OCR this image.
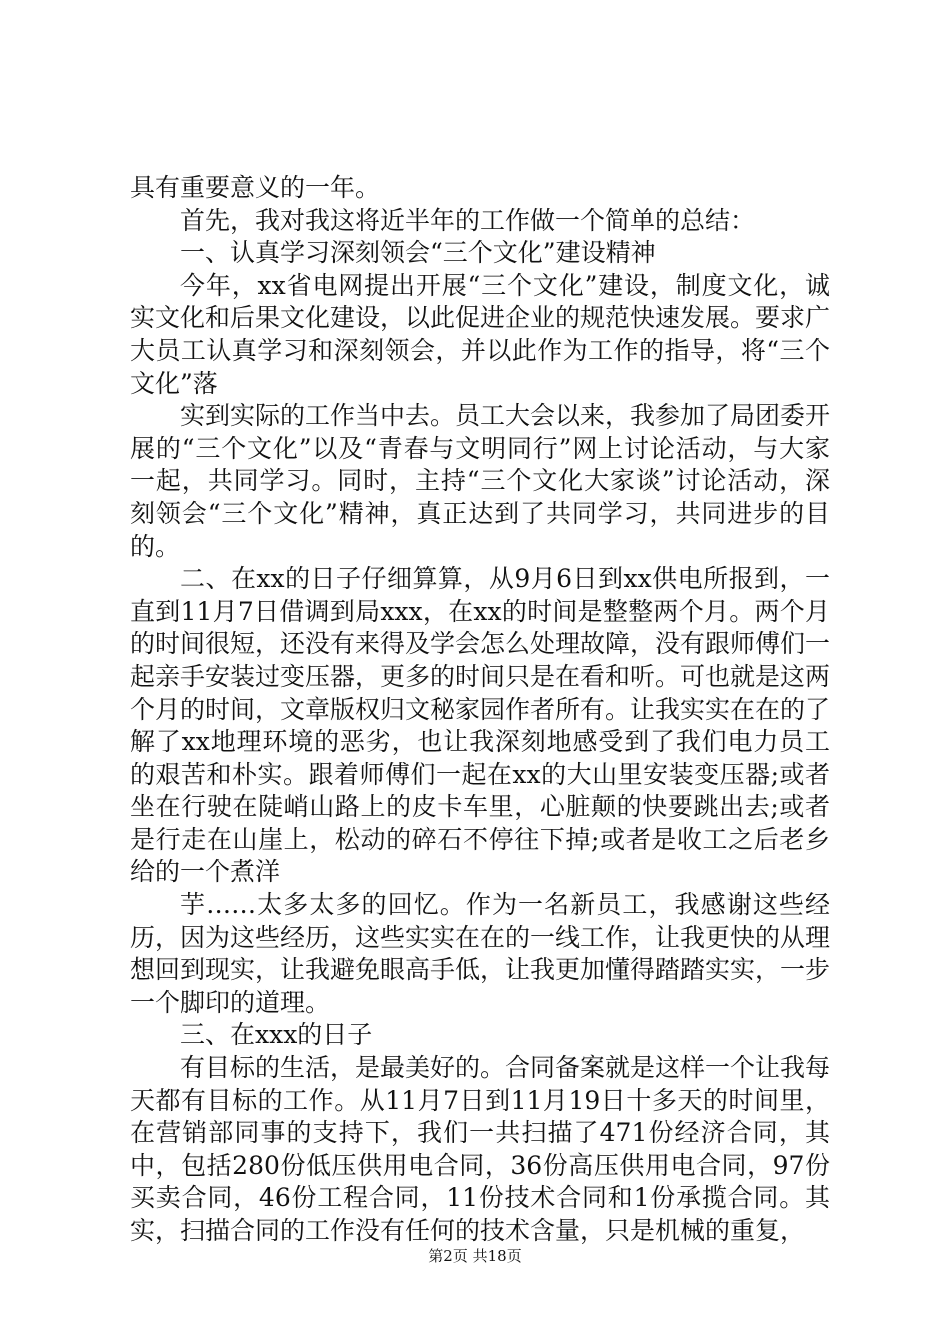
具有重要意义的一年。

首先，我对我这将近半年的工作做一个简单的总结：

一、认真学习深刻领会“三个文化”建设精神

今年，xx省电网提出开展“三个文化”建设，制度文化，诚实文化和后果文化建设，以此促进企业的规范快速发展。要求广大员工认真学习和深刻领会，并以此作为工作的指导，将“三个文化”落

实到实际的工作当中去。员工大会以来，我参加了局团委开展的“三个文化”以及“青春与文明同行”网上讨论活动，与大家一起，共同学习。同时，主持“三个文化大家谈”讨论活动，深刻领会“三个文化”精神，真正达到了共同学习，共同进步的目的。

二、在xx的日子仔细算算，从9月6日到xx供电所报到，一直到11月7日借调到局xxx，在xx的时间是整整两个月。两个月的时间很短，还没有来得及学会怎么处理故障，没有跟师傅们一起亲手安装过变压器，更多的时间只是在看和听。可也就是这两个月的时间，文章版权归文秘家园作者所有。让我实实在在的了解了xx地理环境的恶劣，也让我深刻地感受到了我们电力员工的艰苦和朴实。跟着师傅们一起在xx的大山里安装变压器;或者坐在行驶在陡峭山路上的皮卡车里，心脏颠的快要跳出去;或者是行走在山崖上，松动的碎石不停往下掉;或者是收工之后老乡给的一个煮洋

芋……太多太多的回忆。作为一名新员工，我感谢这些经历，因为这些经历，这些实实在在的一线工作，让我更快的从理想回到现实，让我避免眼高手低，让我更加懂得踏踏实实，一步一个脚印的道理。

三、在xxx的日子

有目标的生活，是最美好的。合同备案就是这样一个让我每天都有目标的工作。从11月7日到11月19日十多天的时间里，在营销部同事的支持下，我们一共扫描了471份经济合同，其中，包括280份低压供用电合同，36份高压供用电合同，97份买卖合同，46份工程合同，11份技术合同和1份承揽合同。其实，扫描合同的工作没有任何的技术含量，只是机械的重复，

第2页 共18页
